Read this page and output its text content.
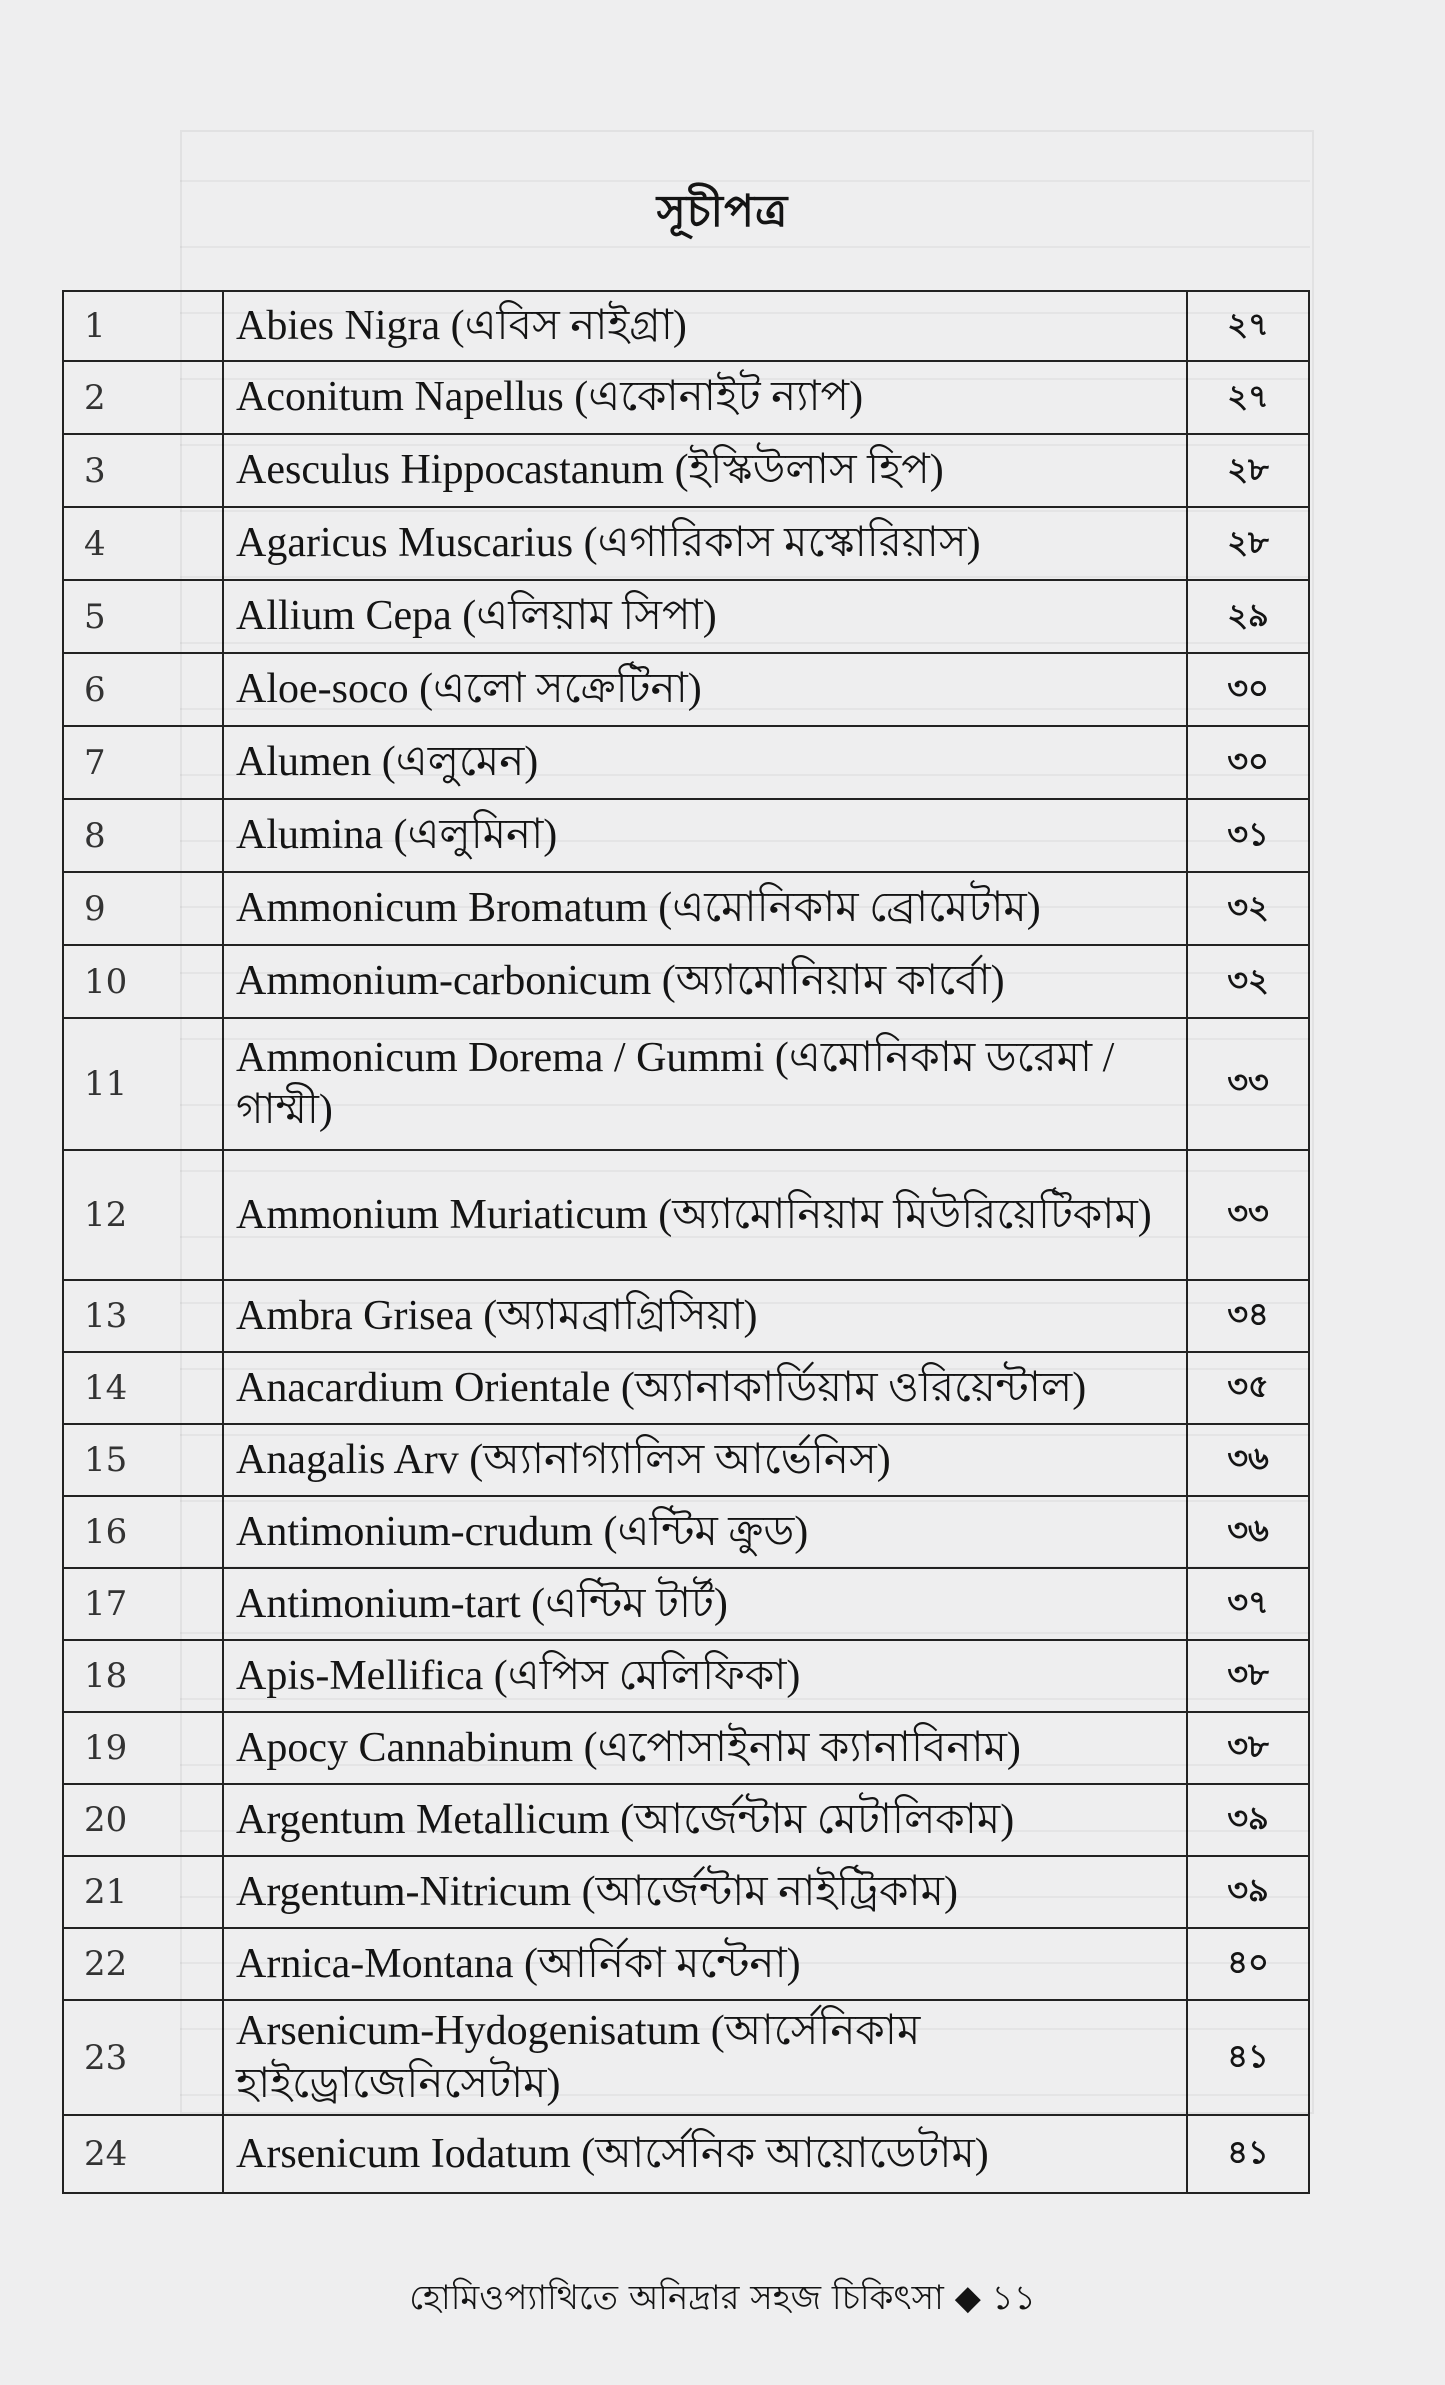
সূচীপত্র
1	Abies Nigra (এবিস নাইগ্রা)	২৭
2	Aconitum Napellus (একোনাইট ন্যাপ)	২৭
3	Aesculus Hippocastanum (ইস্কিউলাস হিপ)	২৮
4	Agaricus Muscarius (এগারিকাস মস্কোরিয়াস)	২৮
5	Allium Cepa (এলিয়াম সিপা)	২৯
6	Aloe-soco (এলো সক্রেটিনা)	৩০
7	Alumen (এলুমেন)	৩০
8	Alumina (এলুমিনা)	৩১
9	Ammonicum Bromatum (এমোনিকাম ব্রোমেটাম)	৩২
10	Ammonium-carbonicum (অ্যামোনিয়াম কার্বো)	৩২
11	Ammonicum Dorema / Gummi (এমোনিকাম ডরেমা / গাম্মী)	৩৩
12	Ammonium Muriaticum (অ্যামোনিয়াম মিউরিয়েটিকাম)	৩৩
13	Ambra Grisea (অ্যামব্রাগ্রিসিয়া)	৩৪
14	Anacardium Orientale (অ্যানাকার্ডিয়াম ওরিয়েন্টাল)	৩৫
15	Anagalis Arv (অ্যানাগ্যালিস আর্ভেনিস)	৩৬
16	Antimonium-crudum (এন্টিম ক্রুড)	৩৬
17	Antimonium-tart (এন্টিম টার্ট)	৩৭
18	Apis-Mellifica (এপিস মেলিফিকা)	৩৮
19	Apocy Cannabinum (এপোসাইনাম ক্যানাবিনাম)	৩৮
20	Argentum Metallicum (আর্জেন্টাম মেটালিকাম)	৩৯
21	Argentum-Nitricum (আর্জেন্টাম নাইট্রিকাম)	৩৯
22	Arnica-Montana (আর্নিকা মন্টেনা)	৪০
23	Arsenicum-Hydogenisatum (আর্সেনিকাম হাইড্রোজেনিসেটাম)	৪১
24	Arsenicum Iodatum (আর্সেনিক আয়োডেটাম)	৪১
হোমিওপ্যাথিতে অনিদ্রার সহজ চিকিৎসা ◆ ১১
